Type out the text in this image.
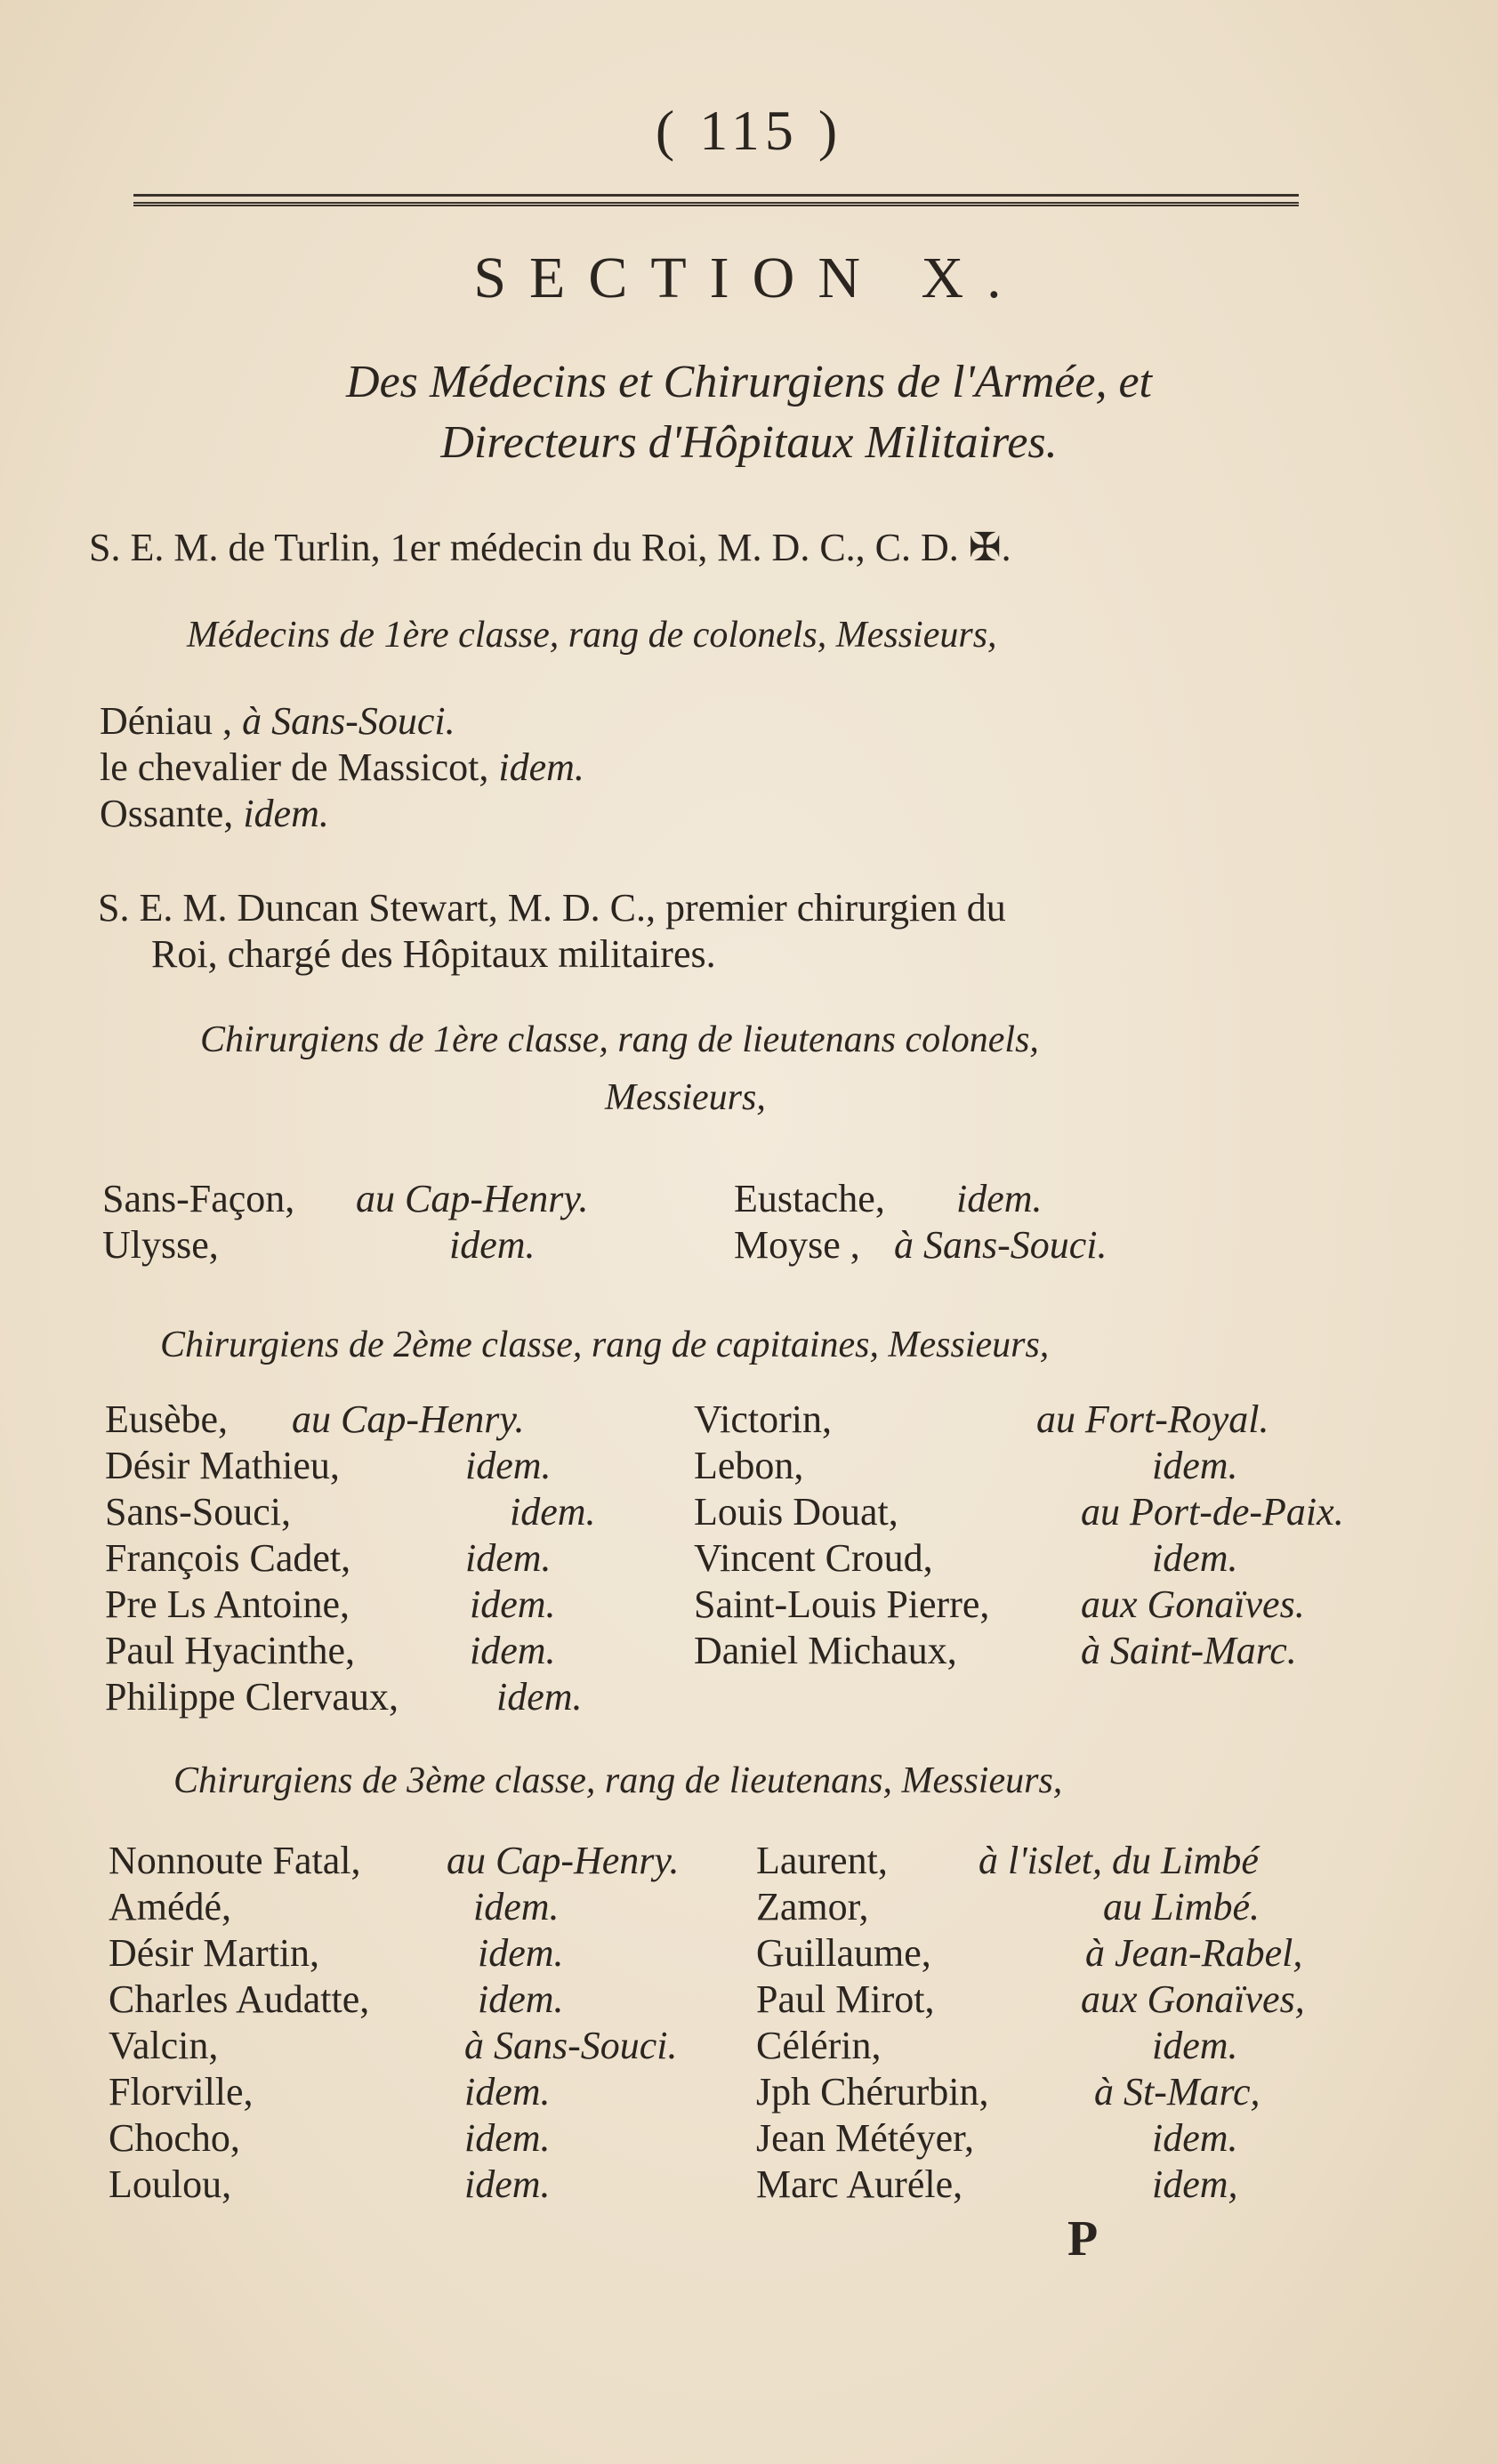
( 115 )
SECTION X.
Des Médecins et Chirurgiens de l'Armée, et
Directeurs d'Hôpitaux Militaires.
S. E. M. de Turlin, 1er médecin du Roi, M. D. C., C. D. ✠.
Médecins de 1ère classe, rang de colonels, Messieurs,
Déniau , à Sans-Souci.
le chevalier de Massicot, idem.
Ossante, idem.
S. E. M. Duncan Stewart, M. D. C., premier chirurgien du
Roi, chargé des Hôpitaux militaires.
Chirurgiens de 1ère classe, rang de lieutenans colonels,
Messieurs,
Sans-Façon, au Cap-Henry.
Ulysse,	idem.
Eustache, idem.
Moyse , à Sans-Souci.
Chirurgiens de 2ème classe, rang de capitaines, Messieurs,
Eusèbe, au Cap-Henry.
Désir Mathieu,	idem.
Sans-Souci,	idem.
François Cadet,	idem.
Pre Ls Antoine,	idem.
Paul Hyacinthe,	idem.
Philippe Clervaux,	idem.
Victorin,	au Fort-Royal.
Lebon,	idem.
Louis Douat,	au Port-de-Paix.
Vincent Croud,	idem.
Saint-Louis Pierre, aux Gonaïves.
Daniel Michaux,	à Saint-Marc.
Chirurgiens de 3ème classe, rang de lieutenans, Messieurs,
Nonnoute Fatal, au Cap-Henry.
Amédé,	idem.
Désir Martin,	idem.
Charles Audatte,	idem.
Valcin,	à Sans-Souci.
Florville,	idem.
Chocho,	idem.
Loulou,	idem.
Laurent, à l'islet, du Limbé
Zamor,	au Limbé.
Guillaume,	à Jean-Rabel,
Paul Mirot,	aux Gonaïves,
Célérin,	idem.
Jph Chérurbin,	à St-Marc,
Jean Météyer,	idem.
Marc Auréle,	idem,
P
